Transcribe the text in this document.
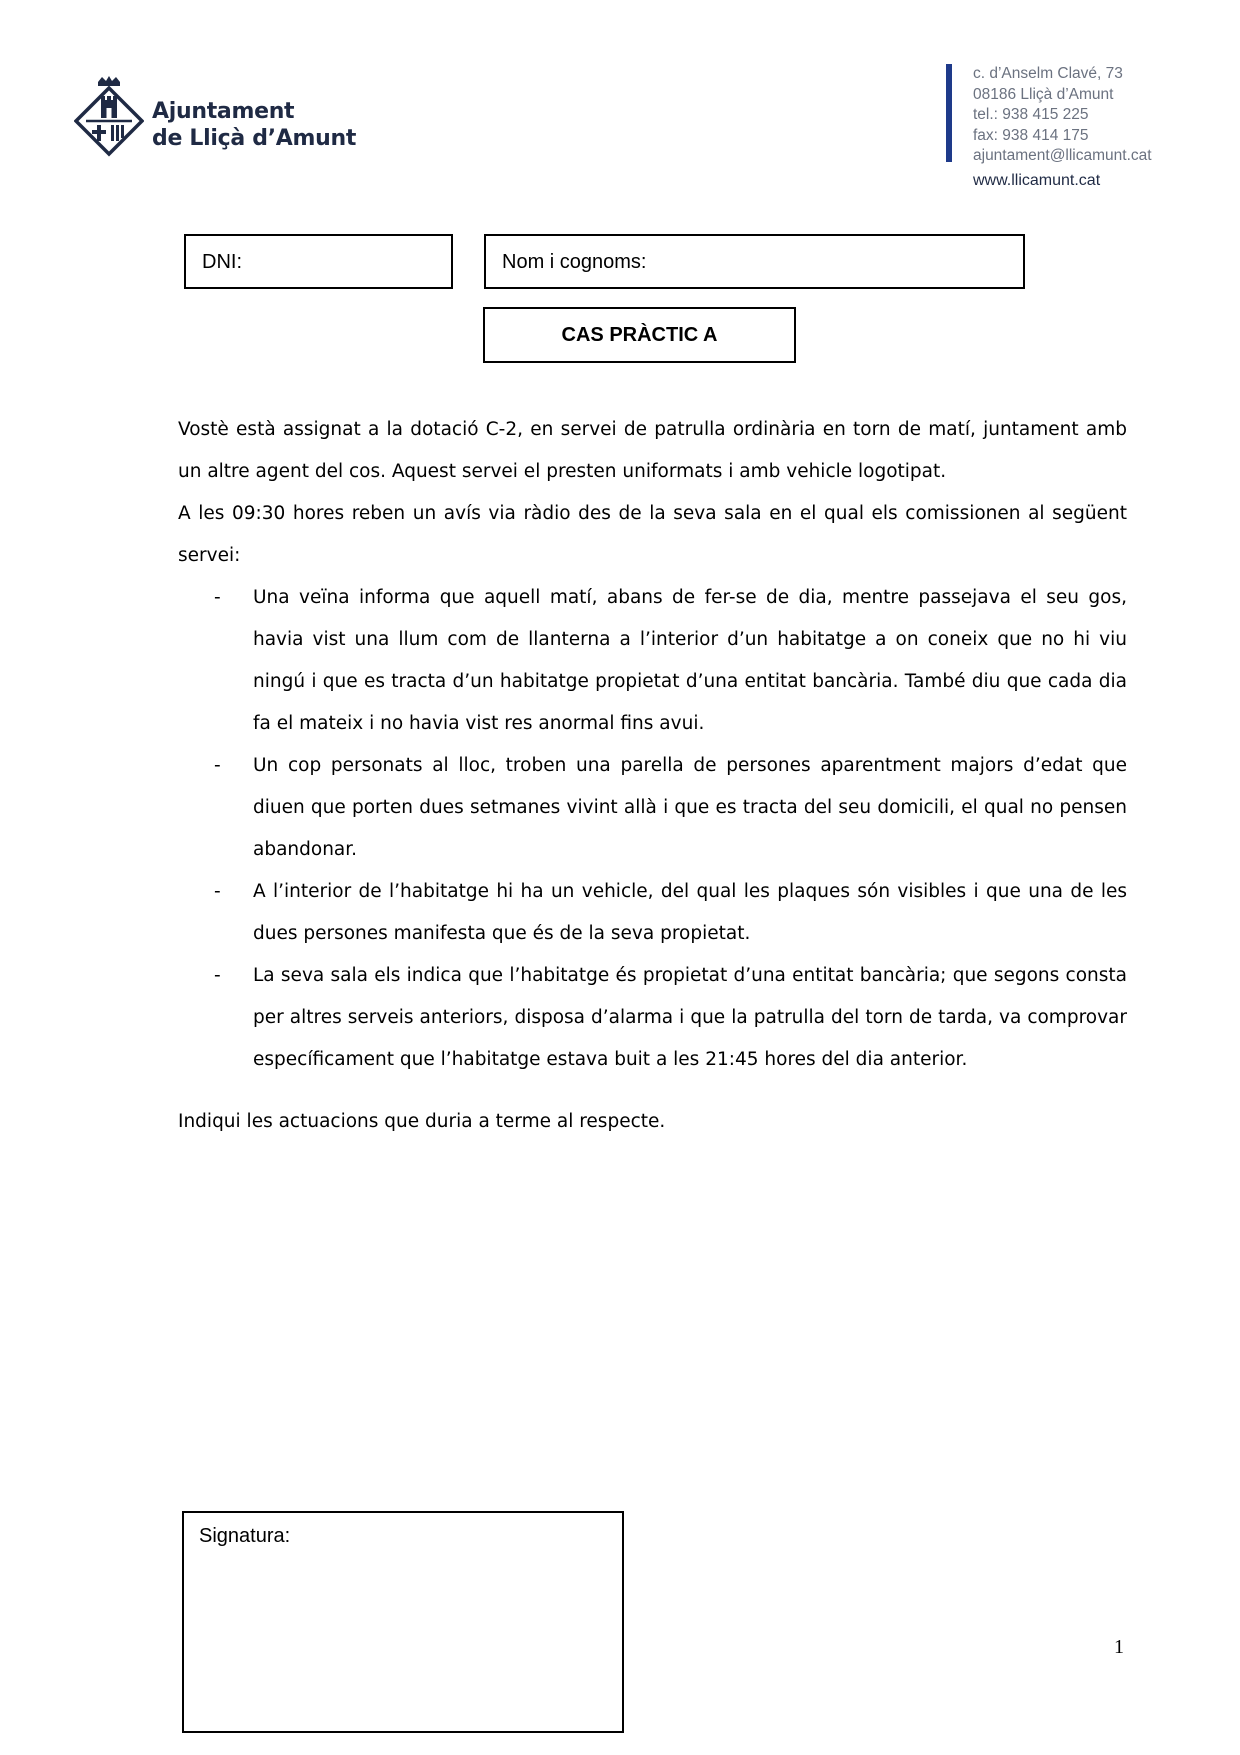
Ajuntament
de Lliçà d’Amunt
c. d’Anselm Clavé, 73
08186 Lliçà d’Amunt
tel.: 938 415 225
fax: 938 414 175
ajuntament@llicamunt.cat
www.llicamunt.cat
DNI:	Nom i cognoms:
CAS PRÀCTIC A

Vostè està assignat a la dotació C-2, en servei de patrulla ordinària en torn de matí, juntament amb un altre agent del cos. Aquest servei el presten uniformats i amb vehicle logotipat.

A les 09:30 hores reben un avís via ràdio des de la seva sala en el qual els comissionen al següent servei:

- Una veïna informa que aquell matí, abans de fer-se de dia, mentre passejava el seu gos, havia vist una llum com de llanterna a l’interior d’un habitatge a on coneix que no hi viu ningú i que es tracta d’un habitatge propietat d’una entitat bancària. També diu que cada dia fa el mateix i no havia vist res anormal fins avui.
- Un cop personats al lloc, troben una parella de persones aparentment majors d’edat que diuen que porten dues setmanes vivint allà i que es tracta del seu domicili, el qual no pensen abandonar.
- A l’interior de l’habitatge hi ha un vehicle, del qual les plaques són visibles i que una de les dues persones manifesta que és de la seva propietat.
- La seva sala els indica que l’habitatge és propietat d’una entitat bancària; que segons consta per altres serveis anteriors, disposa d’alarma i que la patrulla del torn de tarda, va comprovar específicament que l’habitatge estava buit a les 21:45 hores del dia anterior.

Indiqui les actuacions que duria a terme al respecte.

Signatura:
1
